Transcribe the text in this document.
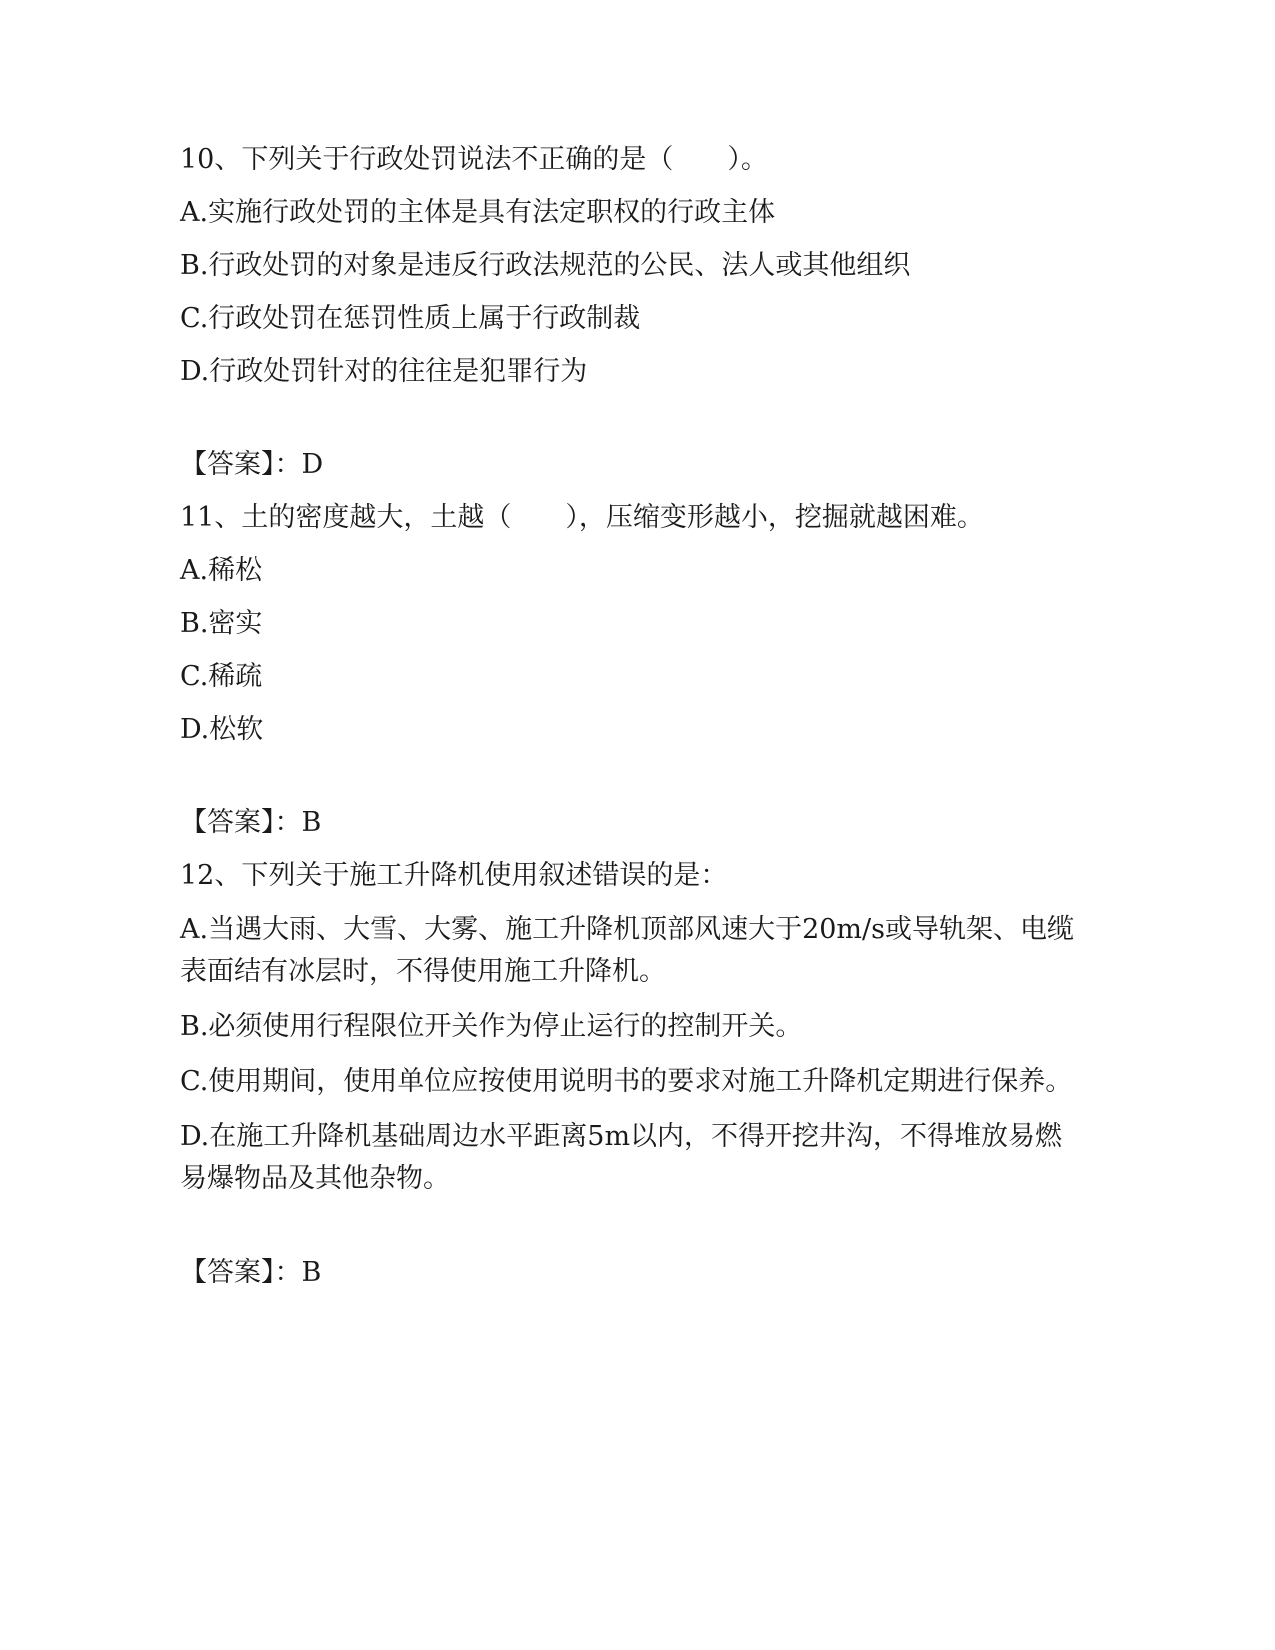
10、下列关于行政处罚说法不正确的是（　　）。

A.实施行政处罚的主体是具有法定职权的行政主体

B.行政处罚的对象是违反行政法规范的公民、法人或其他组织

C.行政处罚在惩罚性质上属于行政制裁

D.行政处罚针对的往往是犯罪行为

【答案】：D

11、土的密度越大，土越（　　），压缩变形越小，挖掘就越困难。

A.稀松

B.密实

C.稀疏

D.松软

【答案】：B

12、下列关于施工升降机使用叙述错误的是：

A.当遇大雨、大雪、大雾、施工升降机顶部风速大于20m/s或导轨架、电缆表面结有冰层时，不得使用施工升降机。

B.必须使用行程限位开关作为停止运行的控制开关。

C.使用期间，使用单位应按使用说明书的要求对施工升降机定期进行保养。

D.在施工升降机基础周边水平距离5m以内，不得开挖井沟，不得堆放易燃易爆物品及其他杂物。

【答案】：B
